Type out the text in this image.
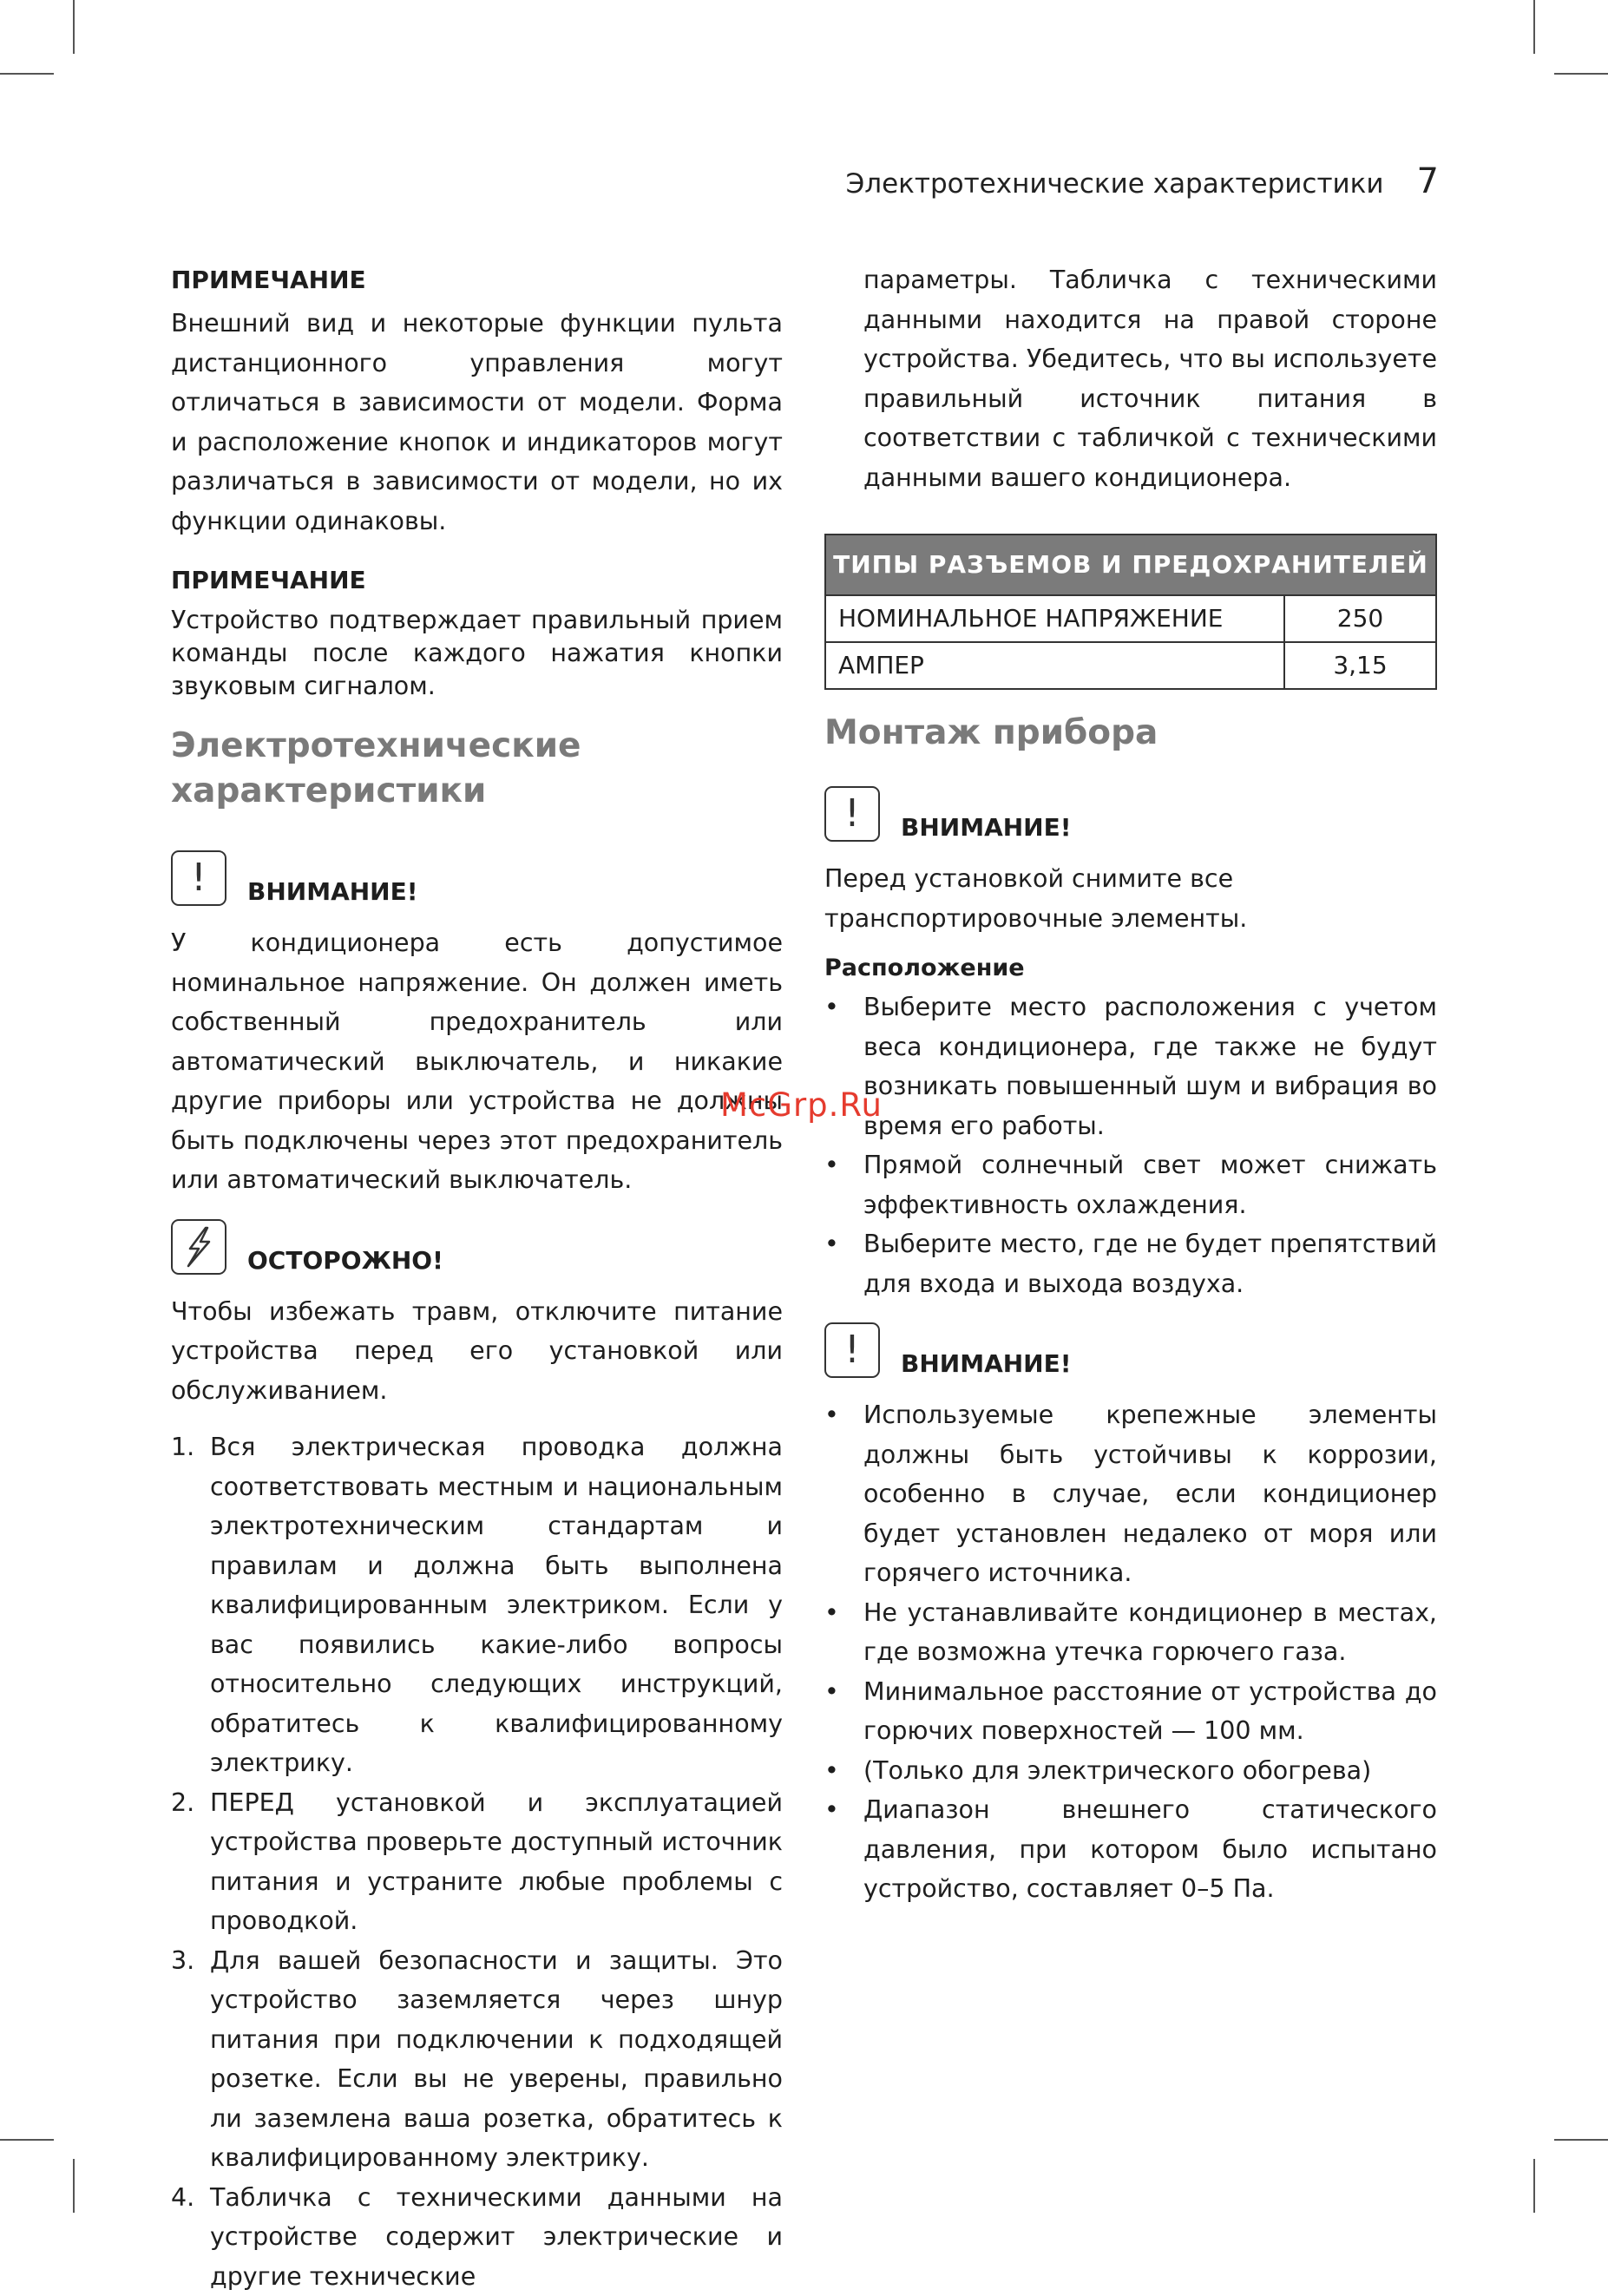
Электротехнические характеристики 7

ПРИМЕЧАНИЕ

Внешний вид и некоторые функции пульта дистанционного управления могут отличаться в зависимости от модели. Форма и расположение кнопок и индикаторов могут различаться в зависимости от модели, но их функции одинаковы.

ПРИМЕЧАНИЕ

Устройство подтверждает правильный прием команды после каждого нажатия кнопки звуковым сигналом.

Электротехнические характеристики
!	ВНИМАНИЕ!

У кондиционера есть допустимое номинальное напряжение. Он должен иметь собственный предохранитель или автоматический выключатель, и никакие другие приборы или устройства не должны быть подключены через этот предохранитель или автоматический выключатель.

ОСТОРОЖНО!

Чтобы избежать травм, отключите питание устройства перед его установкой или обслуживанием.

1. Вся электрическая проводка должна соответствовать местным и национальным электротехническим стандартам и правилам и должна быть выполнена квалифицированным электриком. Если у вас появились какие-либо вопросы относительно следующих инструкций, обратитесь к квалифицированному электрику.
2. ПЕРЕД установкой и эксплуатацией устройства проверьте доступный источник питания и устраните любые проблемы с проводкой.
3. Для вашей безопасности и защиты. Это устройство заземляется через шнур питания при подключении к подходящей розетке. Если вы не уверены, правильно ли заземлена ваша розетка, обратитесь к квалифицированному электрику.
4. Табличка с техническими данными на устройстве содержит электрические и другие технические

параметры. Табличка с техническими данными находится на правой стороне устройства. Убедитесь, что вы используете правильный источник питания в соответствии с табличкой с техническими данными вашего кондиционера.

ТИПЫ РАЗЪЕМОВ И ПРЕДОХРАНИТЕЛЕЙ	
НОМИНАЛЬНОЕ НАПРЯЖЕНИЕ	250
АМПЕР	3,15
Монтаж прибора
!	ВНИМАНИЕ!

Перед установкой снимите все транспортировочные элементы.

Расположение

• Выберите место расположения с учетом веса кондиционера, где также не будут возникать повышенный шум и вибрация во время его работы.
• Прямой солнечный свет может снижать эффективность охлаждения.
• Выберите место, где не будет препятствий для входа и выхода воздуха.
!	ВНИМАНИЕ!
• Используемые крепежные элементы должны быть устойчивы к коррозии, особенно в случае, если кондиционер будет установлен недалеко от моря или горячего источника.
• Не устанавливайте кондиционер в местах, где возможна утечка горючего газа.
• Минимальное расстояние от устройства до горючих поверхностей — 100 мм.
• (Только для электрического обогрева)
• Диапазон внешнего статического давления, при котором было испытано устройство, составляет 0–5 Па.
McGrp.Ru
